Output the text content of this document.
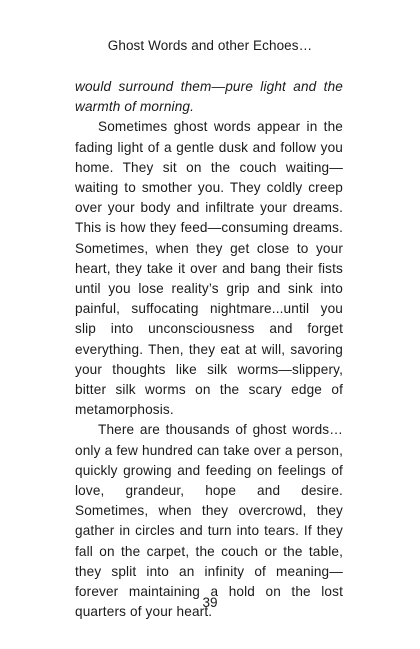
Ghost Words and other Echoes…

would surround them—pure light and the warmth of morning.

Sometimes ghost words appear in the fading light of a gentle dusk and follow you home. They sit on the couch waiting—waiting to smother you. They coldly creep over your body and infiltrate your dreams. This is how they feed—consuming dreams. Sometimes, when they get close to your heart, they take it over and bang their fists until you lose reality’s grip and sink into painful, suffocating nightmare...until you slip into unconsciousness and forget everything. Then, they eat at will, savoring your thoughts like silk worms—slippery, bitter silk worms on the scary edge of metamorphosis.

There are thousands of ghost words… only a few hundred can take over a person, quickly growing and feeding on feelings of love, grandeur, hope and desire. Sometimes, when they overcrowd, they gather in circles and turn into tears. If they fall on the carpet, the couch or the table, they split into an infinity of meaning—forever maintaining a hold on the lost quarters of your heart.

39
